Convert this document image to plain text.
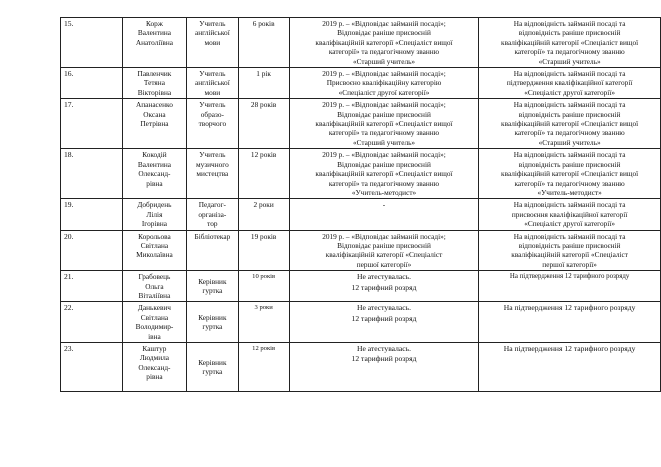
15.	Корж
Валентина
Анатоліївна	Учитель
англійської
мови	6 років	2019 р. – «Відповідає займаній посаді»;
Відповідає раніше присвоєній
кваліфікаційній категорії «Спеціаліст вищої
категорії» та педагогічному званню
«Старший учитель»	На відповідність займаній посаді та
відповідність раніше присвоєній
кваліфікаційній категорії «Спеціаліст вищої
категорії» та педагогічному званню
«Старший учитель»

16.	Павленчик
Тетяна
Вікторівна	Учитель
англійської
мови	1 рік	2019 р. – «Відповідає займаній посаді»;
Присвоєно кваліфікаційну категорію
«Спеціаліст другої категорії»	На відповідність займаній посаді та
підтвердження кваліфікаційної категорії
«Спеціаліст другої категорії»

17.	Апанасенко
Оксана
Петрівна	Учитель
образо-
творчого	28 років	2019 р. – «Відповідає займаній посаді»;
Відповідає раніше присвоєній
кваліфікаційній категорії «Спеціаліст вищої
категорії» та педагогічному званню
«Старший учитель»	На відповідність займаній посаді та
відповідність раніше присвоєній
кваліфікаційній категорії «Спеціаліст вищої
категорії» та педагогічному званню
«Старший учитель»

18.	Кокодій
Валентина
Олександ-
рівна	Учитель
музичного
мистецтва	12 років	2019 р. – «Відповідає займаній посаді»;
Відповідає раніше присвоєній
кваліфікаційній категорії «Спеціаліст вищої
категорії» та педагогічному званню
«Учитель-методист»	На відповідність займаній посаді та
відповідність раніше присвоєній
кваліфікаційній категорії «Спеціаліст вищої
категорії» та педагогічному званню
«Учитель-методист»

19.	Добридень
Лілія
Ігорівна	Педагог-
організа-
тор	2 роки	-	На відповідність займаній посаді та
присвоєння кваліфікаційної категорії
«Спеціаліст другої категорії»

20.	Корольова
Світлана
Миколаївна	Бібліотекар	19 років	2019 р. – «Відповідає займаній посаді»;
Відповідає раніше присвоєній
кваліфікаційній категорії «Спеціаліст
першої категорії»	На відповідність займаній посаді та
відповідність раніше присвоєній
кваліфікаційній категорії «Спеціаліст
першої категорії»

21.	Грабовець
Ольга
Віталіївна	Керівник
гуртка	10 років	Не атестувалась.
12 тарифний розряд	На підтвердження 12 тарифного розряду

22.	Данькевич
Світлана
Володимир-
івна	Керівник
гуртка	3 роки	Не атестувалась.
12 тарифний розряд	На підтвердження 12 тарифного розряду

23.	Каштур
Людмила
Олександ-
рівна	Керівник
гуртка	12 років	Не атестувалась.
12 тарифний розряд	На підтвердження 12 тарифного розряду
